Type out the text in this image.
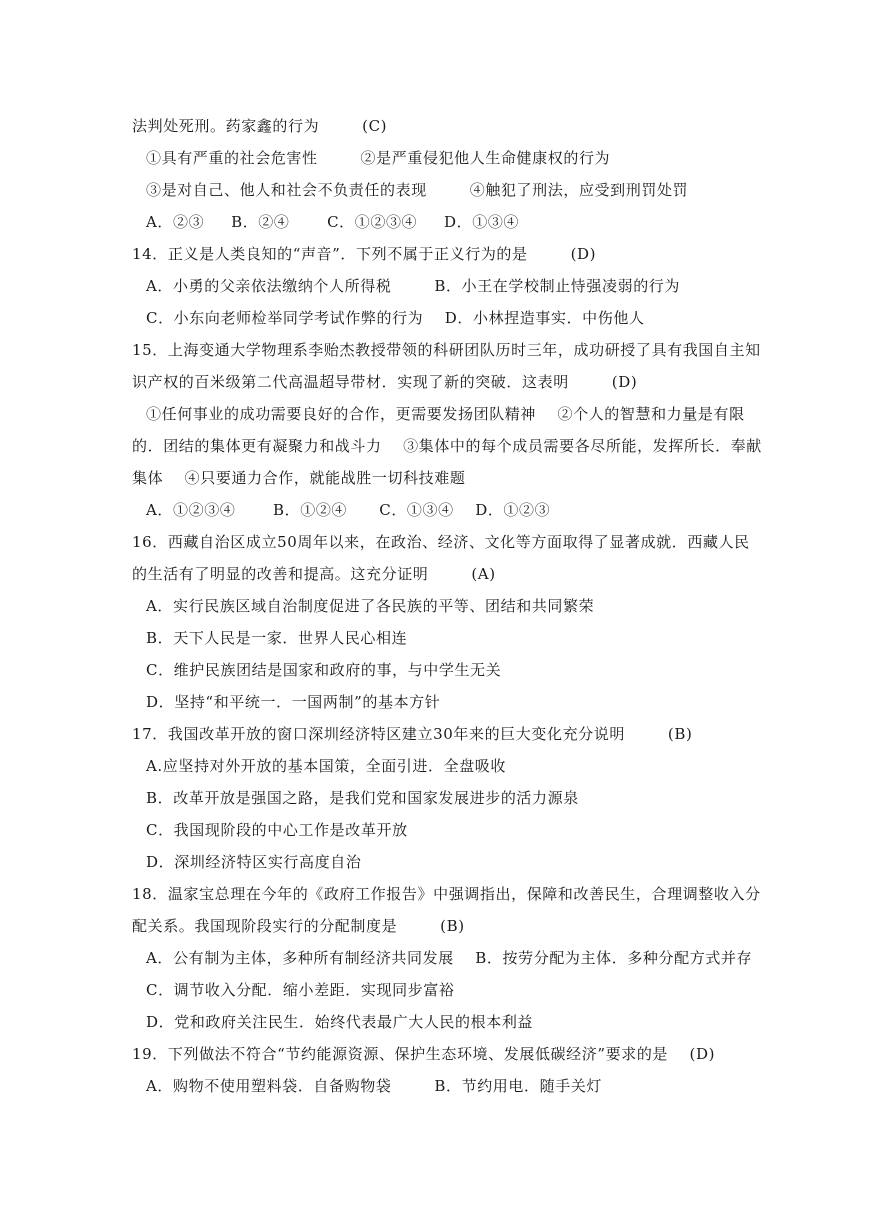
法判处死刑。药家鑫的行为        (C)
①具有严重的社会危害性        ②是严重侵犯他人生命健康权的行为
③是对自己、他人和社会不负责任的表现        ④触犯了刑法，应受到刑罚处罚
A．②③     B．②④       C．①②③④     D．①③④
14．正义是人类良知的“声音”．下列不属于正义行为的是        (D)
A．小勇的父亲依法缴纳个人所得税        B．小王在学校制止恃强凌弱的行为
C．小东向老师检举同学考试作弊的行为    D．小林捏造事实．中伤他人
15．上海变通大学物理系李贻杰教授带领的科研团队历时三年，成功研授了具有我国自主知
识产权的百米级第二代高温超导带材．实现了新的突破．这表明        (D)
①任何事业的成功需要良好的合作，更需要发扬团队精神    ②个人的智慧和力量是有限
的．团结的集体更有凝聚力和战斗力    ③集体中的每个成员需要各尽所能，发挥所长．奉献
集体    ④只要通力合作，就能战胜一切科技难题
A．①②③④       B．①②④      C．①③④    D．①②③
16．西藏自治区成立50周年以来，在政治、经济、文化等方面取得了显著成就．西藏人民
的生活有了明显的改善和提高。这充分证明        (A)
A．实行民族区域自治制度促进了各民族的平等、团结和共同繁荣
B．天下人民是一家．世界人民心相连
C．维护民族团结是国家和政府的事，与中学生无关
D．坚持“和平统一．一国两制”的基本方针
17．我国改革开放的窗口深圳经济特区建立30年来的巨大变化充分说明        (B)
A.应坚持对外开放的基本国策，全面引进．全盘吸收
B．改革开放是强国之路，是我们党和国家发展进步的活力源泉
C．我国现阶段的中心工作是改革开放
D．深圳经济特区实行高度自治
18．温家宝总理在今年的《政府工作报告》中强调指出，保障和改善民生，合理调整收入分
配关系。我国现阶段实行的分配制度是        (B)
A．公有制为主体，多种所有制经济共同发展    B．按劳分配为主体．多种分配方式并存
C．调节收入分配．缩小差距．实现同步富裕
D．党和政府关注民生．始终代表最广大人民的根本利益
19．下列做法不符合“节约能源资源、保护生态环境、发展低碳经济”要求的是    (D)
A．购物不使用塑料袋．自备购物袋        B．节约用电．随手关灯
